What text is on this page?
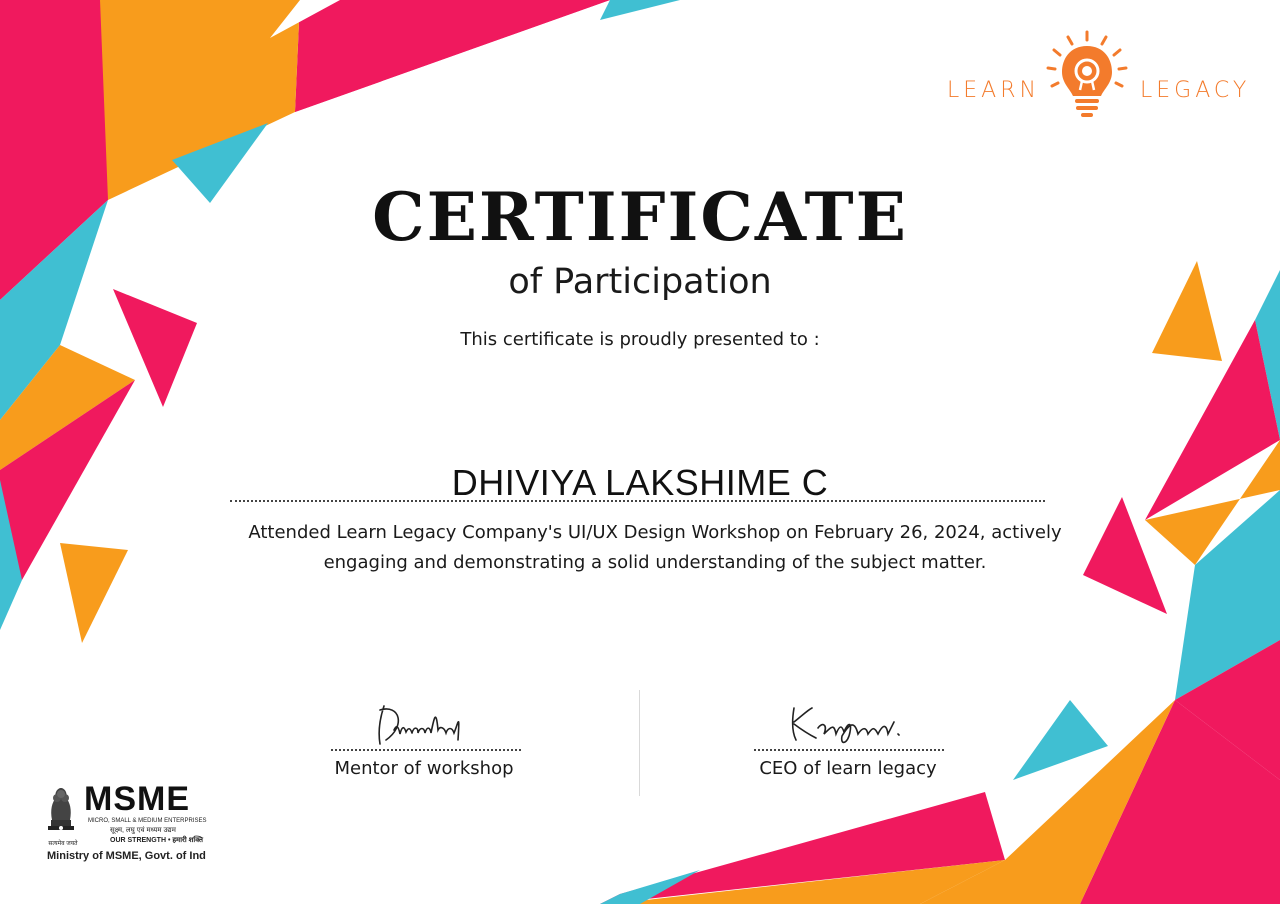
LEARN	LEGACY
CERTIFICATE
of Participation
This certificate is proudly presented to :
DHIVIYA LAKSHIME C
Attended Learn Legacy Company's UI/UX Design Workshop on February 26, 2024, actively engaging and demonstrating a solid understanding of the subject matter.
Mentor of workshop	CEO of learn legacy
सत्यमेव जयते
MSME
MICRO, SMALL & MEDIUM ENTERPRISES
सूक्ष्म, लघु एवं मध्यम उद्यम
OUR STRENGTH • हमारी शक्ति
Ministry of MSME, Govt. of Ind
